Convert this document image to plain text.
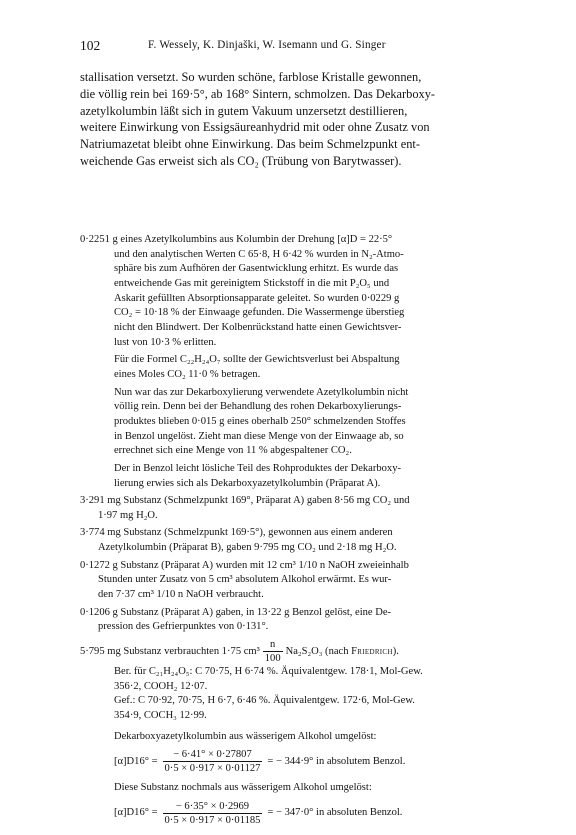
102	F. Wessely, K. Dinjaški, W. Isemann und G. Singer

stallisation versetzt. So wurden schöne, farblose Kristalle gewonnen,

die völlig rein bei 169·5°, ab 168° Sintern, schmolzen. Das Dekarboxy-

azetylkolumbin läßt sich in gutem Vakuum unzersetzt destillieren,

weitere Einwirkung von Essigsäureanhydrid mit oder ohne Zusatz von

Natriumazetat bleibt ohne Einwirkung. Das beim Schmelzpunkt ent-

weichende Gas erweist sich als CO₂ (Trübung von Barytwasser).

0·2251 g eines Azetylkolumbins aus Kolumbin der Drehung [α]D = 22·5°

und den analytischen Werten C 65·8, H 6·42 % wurden in N₂-Atmo-

sphäre bis zum Aufhören der Gasentwicklung erhitzt. Es wurde das

entweichende Gas mit gereinigtem Stickstoff in die mit P₂O₅ und

Askarit gefüllten Absorptionsapparate geleitet. So wurden 0·0229 g

CO₂ = 10·18 % der Einwaage gefunden. Die Wassermenge überstieg

nicht den Blindwert. Der Kolbenrückstand hatte einen Gewichtsver-

lust von 10·3 % erlitten.

Für die Formel C₂₂H₂₄O₇ sollte der Gewichtsverlust bei Abspaltung

eines Moles CO₂ 11·0 % betragen.

Nun war das zur Dekarboxylierung verwendete Azetylkolumbin nicht

völlig rein. Denn bei der Behandlung des rohen Dekarboxylierungs-

produktes blieben 0·015 g eines oberhalb 250° schmelzenden Stoffes

in Benzol ungelöst. Zieht man diese Menge von der Einwaage ab, so

errechnet sich eine Menge von 11 % abgespaltener CO₂.

Der in Benzol leicht lösliche Teil des Rohproduktes der Dekarboxy-

lierung erwies sich als Dekarboxyazetylkolumbin (Präparat A).

3·291 mg Substanz (Schmelzpunkt 169°, Präparat A) gaben 8·56 mg CO₂ und

1·97 mg H₂O.

3·774 mg Substanz (Schmelzpunkt 169·5°), gewonnen aus einem anderen

Azetylkolumbin (Präparat B), gaben 9·795 mg CO₂ und 2·18 mg H₂O.

0·1272 g Substanz (Präparat A) wurden mit 12 cm³ 1/10 n NaOH zweieinhalb

Stunden unter Zusatz von 5 cm³ absolutem Alkohol erwärmt. Es wur-

den 7·37 cm³ 1/10 n NaOH verbraucht.

0·1206 g Substanz (Präparat A) gaben, in 13·22 g Benzol gelöst, eine De-

pression des Gefrierpunktes von 0·131°.

5·795 mg Substanz verbrauchten 1·75 $cm^3 \frac{n}{100} Na_2S_2O_3$ (nach Friedrich).

Ber. für C₂₁H₂₄O₅: C 70·75, H 6·74 %. Äquivalentgew. 178·1, Mol-Gew.

356·2, COOH₂ 12·07.

Gef.: C 70·92, 70·75, H 6·7, 6·46 %. Äquivalentgew. 172·6, Mol-Gew.

354·9, COCH₃ 12·99.

Dekarboxyazetylkolumbin aus wässerigem Alkohol umgelöst:

$[\alpha]D16^\circ = \frac{- 6\cdot 41^\circ \times 0\cdot 27807}{0\cdot 5 \times 0\cdot 917 \times 0\cdot 01127}$ = − 344·9° in absolutem Benzol.

Diese Substanz nochmals aus wässerigem Alkohol umgelöst:

$[\alpha]D16^\circ = \frac{- 6\cdot 35^\circ \times 0\cdot 2969}{0\cdot 5 \times 0\cdot 917 \times 0\cdot 01185}$ = − 347·0° in absoluten Benzol.
